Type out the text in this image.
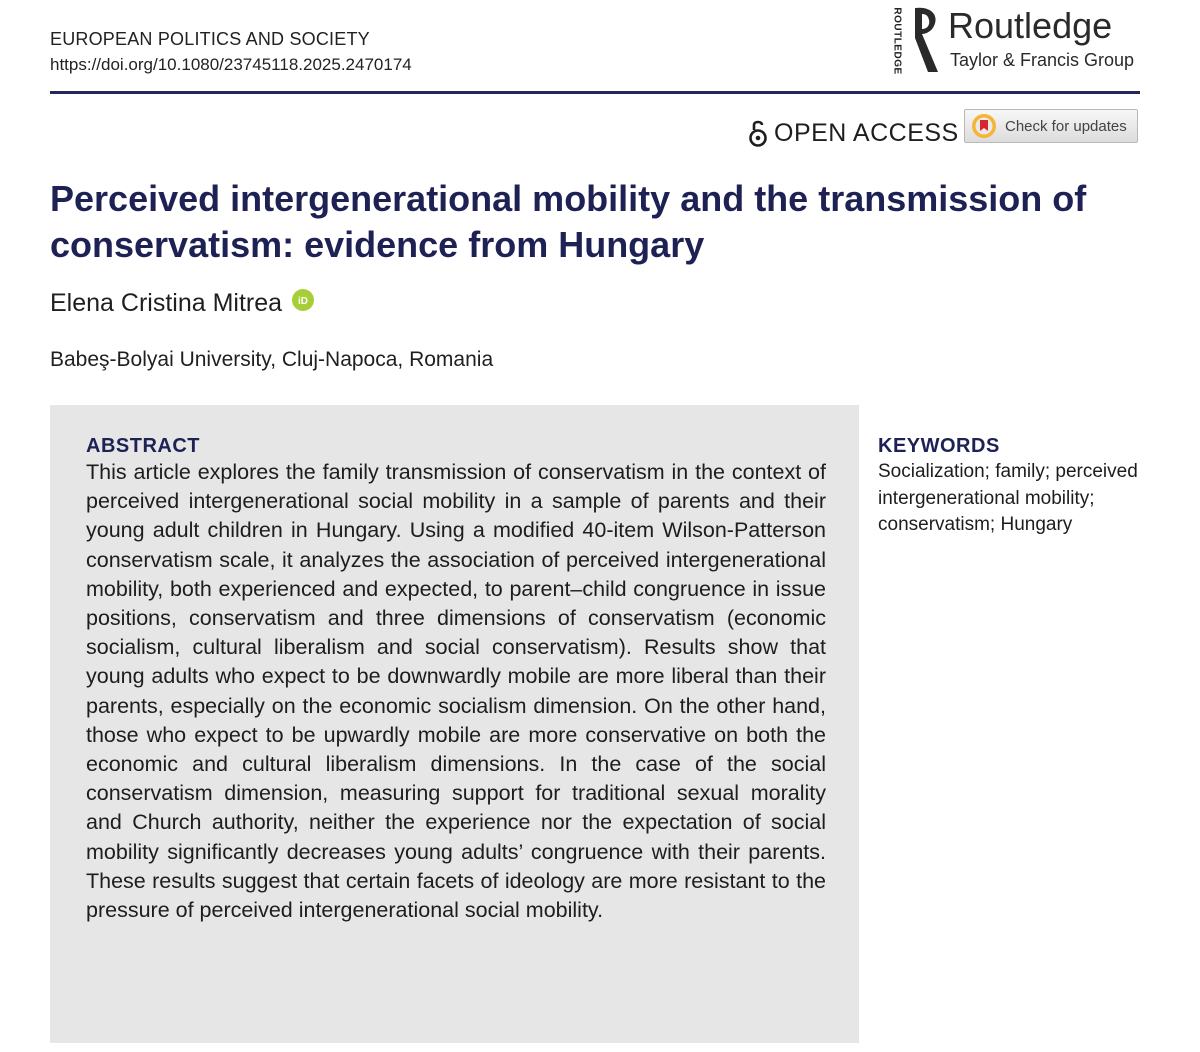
EUROPEAN POLITICS AND SOCIETY
https://doi.org/10.1080/23745118.2025.2470174	ROUTLEDGE Routledge
Taylor & Francis Group
OPEN ACCESS	Check for updates
Perceived intergenerational mobility and the transmission of conservatism: evidence from Hungary
Elena Cristina Mitrea iD
Babeş-Bolyai University, Cluj-Napoca, Romania
ABSTRACT

This article explores the family transmission of conservatism in the context of perceived intergenerational social mobility in a sample of parents and their young adult children in Hungary. Using a modified 40-item Wilson-Patterson conservatism scale, it analyzes the association of perceived intergenerational mobility, both experienced and expected, to parent–child congruence in issue positions, conservatism and three dimensions of conservatism (economic socialism, cultural liberalism and social conservatism). Results show that young adults who expect to be downwardly mobile are more liberal than their parents, especially on the economic socialism dimension. On the other hand, those who expect to be upwardly mobile are more conservative on both the economic and cultural liberalism dimensions. In the case of the social conservatism dimension, measuring support for traditional sexual morality and Church authority, neither the experience nor the expectation of social mobility significantly decreases young adults’ congruence with their parents. These results suggest that certain facets of ideology are more resistant to the pressure of perceived intergenerational social mobility.

KEYWORDS

Socialization; family; perceived intergenerational mobility; conservatism; Hungary
